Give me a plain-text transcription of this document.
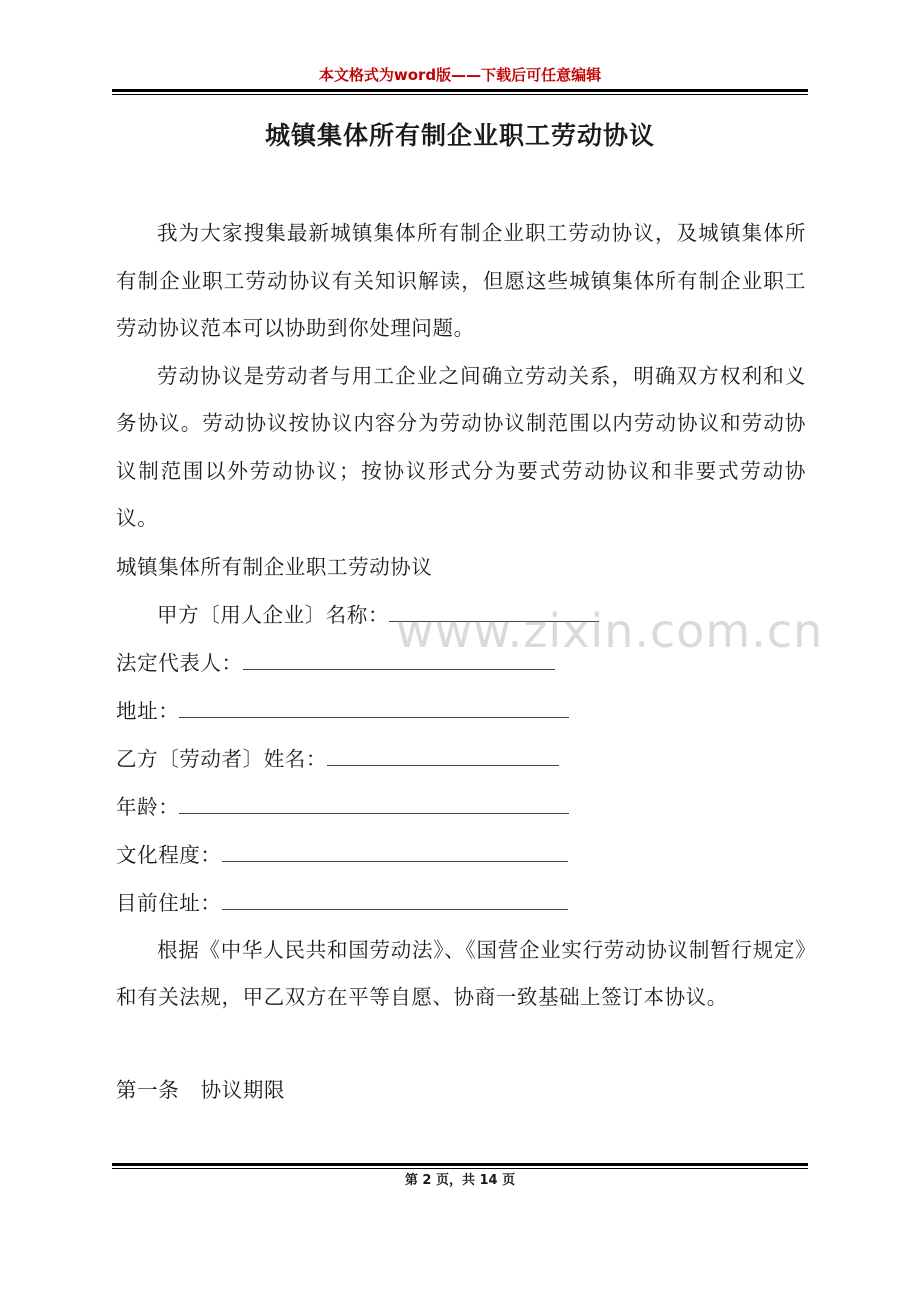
本文格式为word版——下载后可任意编辑
城镇集体所有制企业职工劳动协议

我为大家搜集最新城镇集体所有制企业职工劳动协议，及城镇集体所有制企业职工劳动协议有关知识解读，但愿这些城镇集体所有制企业职工劳动协议范本可以协助到你处理问题。

劳动协议是劳动者与用工企业之间确立劳动关系，明确双方权利和义务协议。劳动协议按协议内容分为劳动协议制范围以内劳动协议和劳动协议制范围以外劳动协议；按协议形式分为要式劳动协议和非要式劳动协议。

城镇集体所有制企业职工劳动协议

甲方〔用人企业〕名称：

法定代表人：

地址：

乙方〔劳动者〕姓名：

年龄：

文化程度：

目前住址：

根据《中华人民共和国劳动法》、《国营企业实行劳动协议制暂行规定》和有关法规，甲乙双方在平等自愿、协商一致基础上签订本协议。

第一条 协议期限

www.zixin.com.cn
第 2 页，共 14 页
